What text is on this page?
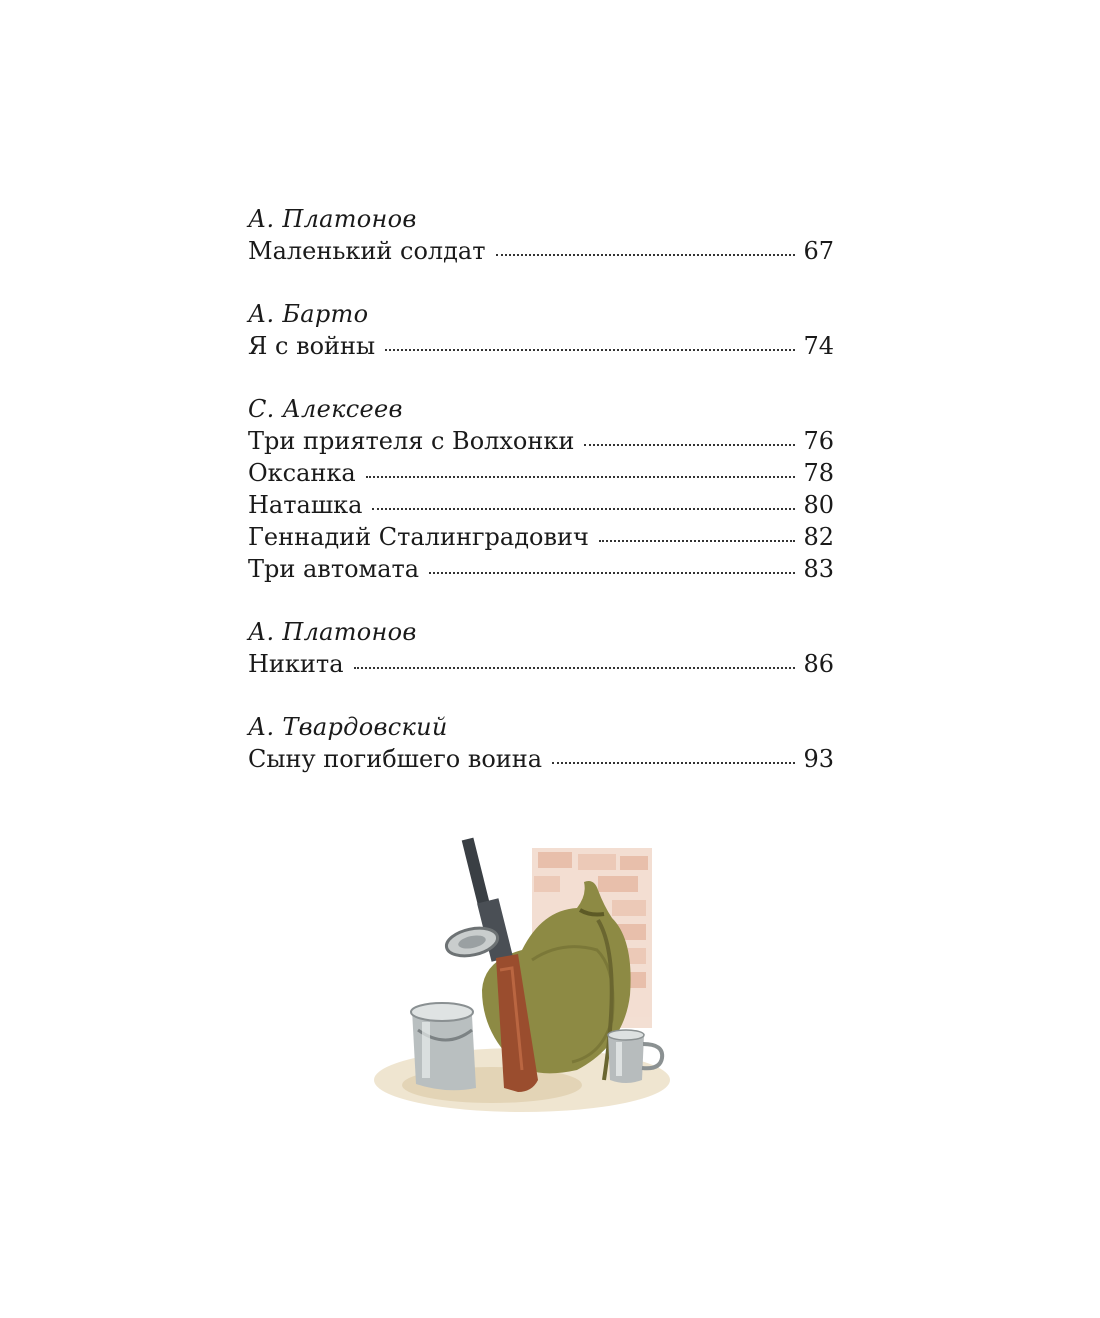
А. Платонов
Маленький солдат	67
А. Барто
Я с войны	74
С. Алексеев
Три приятеля с Волхонки	76
Оксанка	78
Наташка	80
Геннадий Сталинградович	82
Три автомата	83
А. Платонов
Никита	86
А. Твардовский
Сыну погибшего воина	93
